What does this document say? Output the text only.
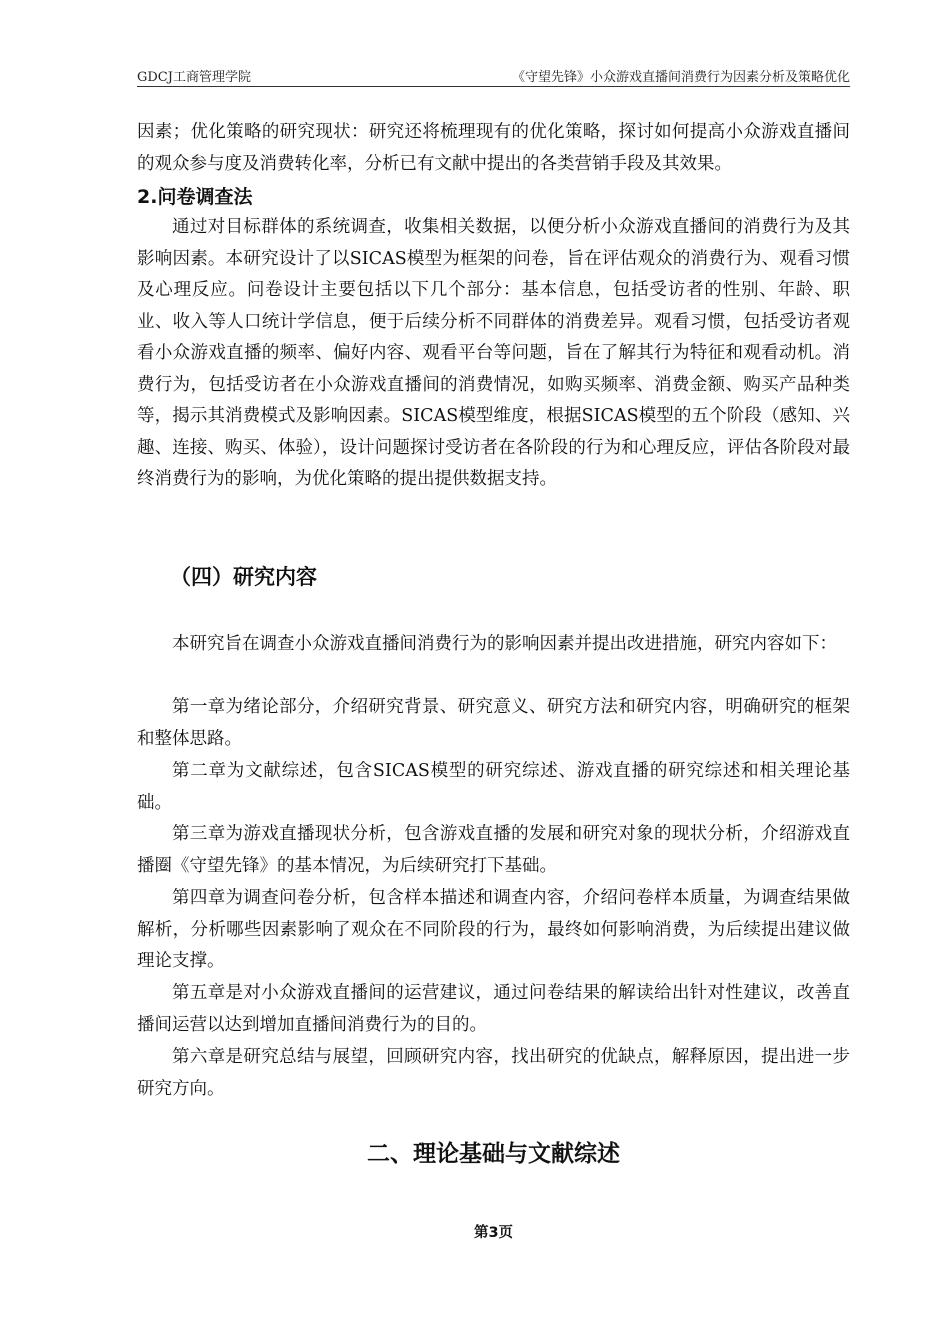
GDCJ工商管理学院	《守望先锋》小众游戏直播间消费行为因素分析及策略优化

因素；优化策略的研究现状：研究还将梳理现有的优化策略，探讨如何提高小众游戏直播间的观众参与度及消费转化率，分析已有文献中提出的各类营销手段及其效果。

2.问卷调查法

通过对目标群体的系统调查，收集相关数据，以便分析小众游戏直播间的消费行为及其影响因素。本研究设计了以SICAS模型为框架的问卷，旨在评估观众的消费行为、观看习惯及心理反应。问卷设计主要包括以下几个部分：基本信息，包括受访者的性别、年龄、职业、收入等人口统计学信息，便于后续分析不同群体的消费差异。观看习惯，包括受访者观看小众游戏直播的频率、偏好内容、观看平台等问题，旨在了解其行为特征和观看动机。消费行为，包括受访者在小众游戏直播间的消费情况，如购买频率、消费金额、购买产品种类等，揭示其消费模式及影响因素。SICAS模型维度，根据SICAS模型的五个阶段（感知、兴趣、连接、购买、体验），设计问题探讨受访者在各阶段的行为和心理反应，评估各阶段对最终消费行为的影响，为优化策略的提出提供数据支持。

（四）研究内容

本研究旨在调查小众游戏直播间消费行为的影响因素并提出改进措施，研究内容如下：

第一章为绪论部分，介绍研究背景、研究意义、研究方法和研究内容，明确研究的框架和整体思路。

第二章为文献综述，包含SICAS模型的研究综述、游戏直播的研究综述和相关理论基础。

第三章为游戏直播现状分析，包含游戏直播的发展和研究对象的现状分析，介绍游戏直播圈《守望先锋》的基本情况，为后续研究打下基础。

第四章为调查问卷分析，包含样本描述和调查内容，介绍问卷样本质量，为调查结果做解析，分析哪些因素影响了观众在不同阶段的行为，最终如何影响消费，为后续提出建议做理论支撑。

第五章是对小众游戏直播间的运营建议，通过问卷结果的解读给出针对性建议，改善直播间运营以达到增加直播间消费行为的目的。

第六章是研究总结与展望，回顾研究内容，找出研究的优缺点，解释原因，提出进一步研究方向。

二、理论基础与文献综述
第3页
